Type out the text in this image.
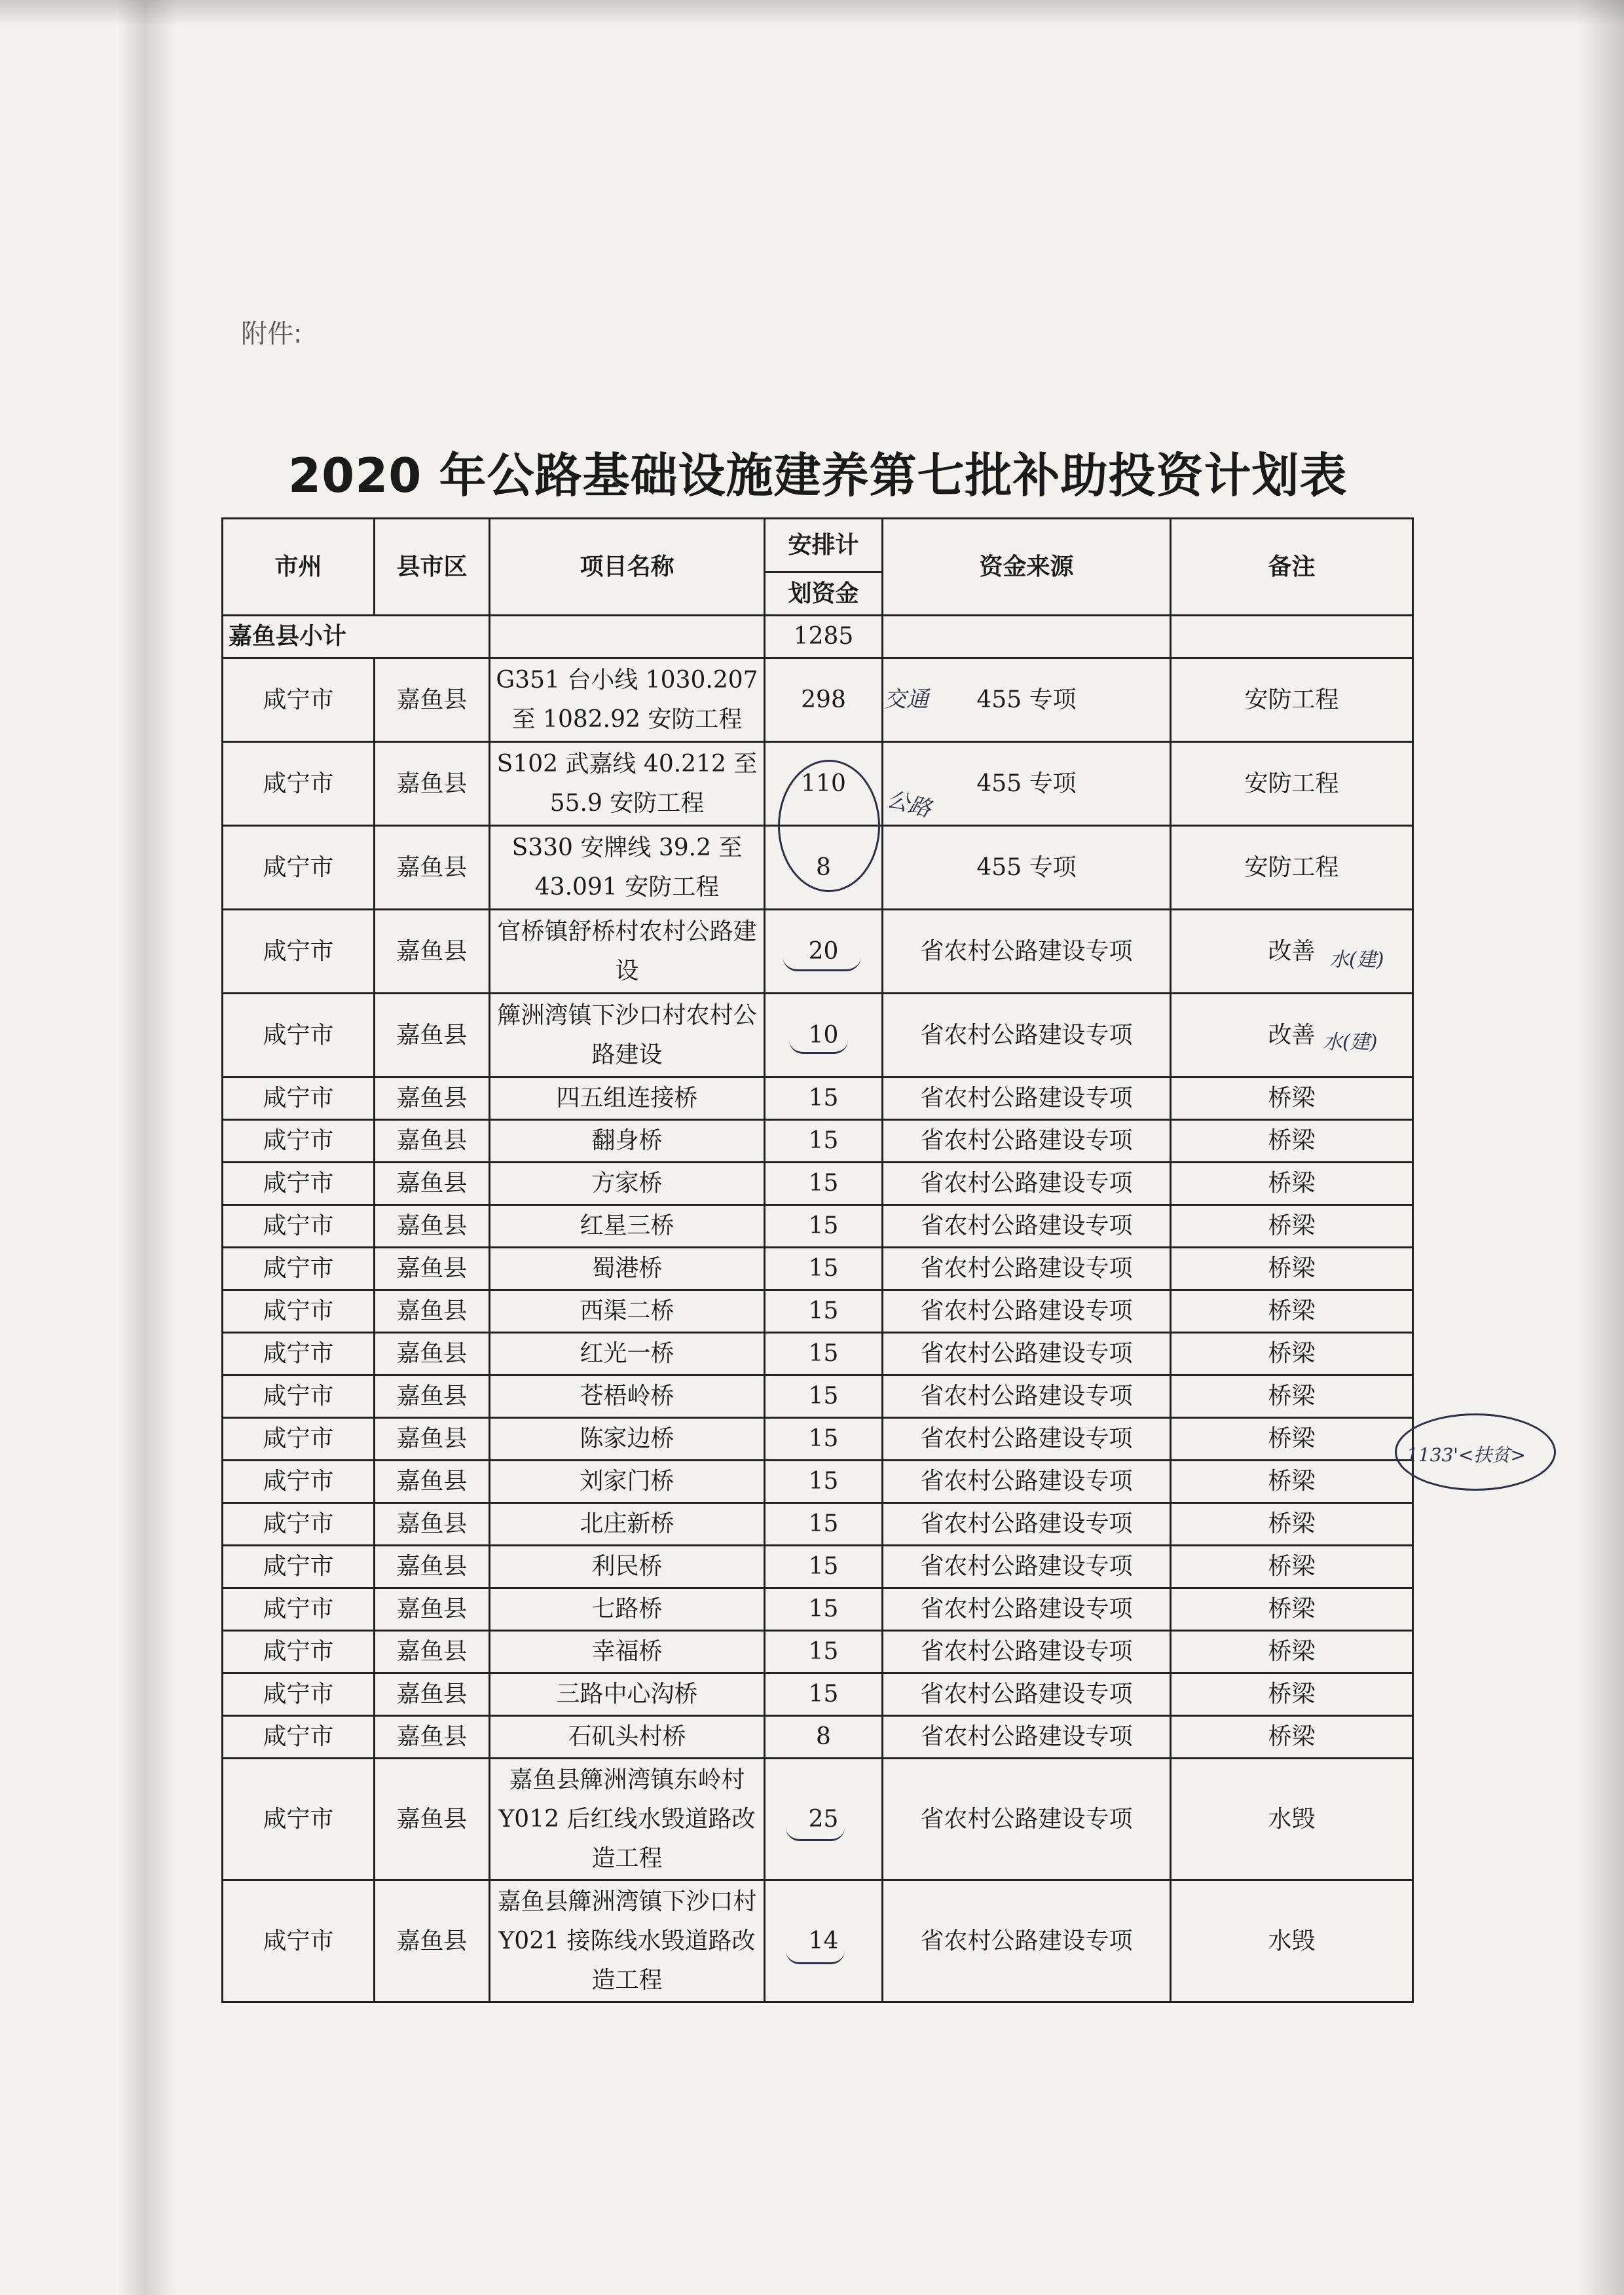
附件:
2020 年公路基础设施建养第七批补助投资计划表
市州	县市区	项目名称	安排计	资金来源	备注
			划资金		
嘉鱼县小计			1285		
咸宁市	嘉鱼县	G351 台小线 1030.207 至 1082.92 安防工程	298	455 专项	安防工程
咸宁市	嘉鱼县	S102 武嘉线 40.212 至 55.9 安防工程	110	455 专项	安防工程
咸宁市	嘉鱼县	S330 安牌线 39.2 至 43.091 安防工程	8	455 专项	安防工程
咸宁市	嘉鱼县	官桥镇舒桥村农村公路建设	20	省农村公路建设专项	改善
咸宁市	嘉鱼县	簰洲湾镇下沙口村农村公路建设	10	省农村公路建设专项	改善
咸宁市	嘉鱼县	四五组连接桥	15	省农村公路建设专项	桥梁
咸宁市	嘉鱼县	翻身桥	15	省农村公路建设专项	桥梁
咸宁市	嘉鱼县	方家桥	15	省农村公路建设专项	桥梁
咸宁市	嘉鱼县	红星三桥	15	省农村公路建设专项	桥梁
咸宁市	嘉鱼县	蜀港桥	15	省农村公路建设专项	桥梁
咸宁市	嘉鱼县	西渠二桥	15	省农村公路建设专项	桥梁
咸宁市	嘉鱼县	红光一桥	15	省农村公路建设专项	桥梁
咸宁市	嘉鱼县	苍梧岭桥	15	省农村公路建设专项	桥梁
咸宁市	嘉鱼县	陈家边桥	15	省农村公路建设专项	桥梁
咸宁市	嘉鱼县	刘家门桥	15	省农村公路建设专项	桥梁
咸宁市	嘉鱼县	北庄新桥	15	省农村公路建设专项	桥梁
咸宁市	嘉鱼县	利民桥	15	省农村公路建设专项	桥梁
咸宁市	嘉鱼县	七路桥	15	省农村公路建设专项	桥梁
咸宁市	嘉鱼县	幸福桥	15	省农村公路建设专项	桥梁
咸宁市	嘉鱼县	三路中心沟桥	15	省农村公路建设专项	桥梁
咸宁市	嘉鱼县	石矶头村桥	8	省农村公路建设专项	桥梁
咸宁市	嘉鱼县	嘉鱼县簰洲湾镇东岭村 Y012 后红线水毁道路改造工程	25	省农村公路建设专项	水毁
咸宁市	嘉鱼县	嘉鱼县簰洲湾镇下沙口村 Y021 接陈线水毁道路改造工程	14	省农村公路建设专项	水毁
交通
公路
水(建)
水(建)
1133'<扶贫>
